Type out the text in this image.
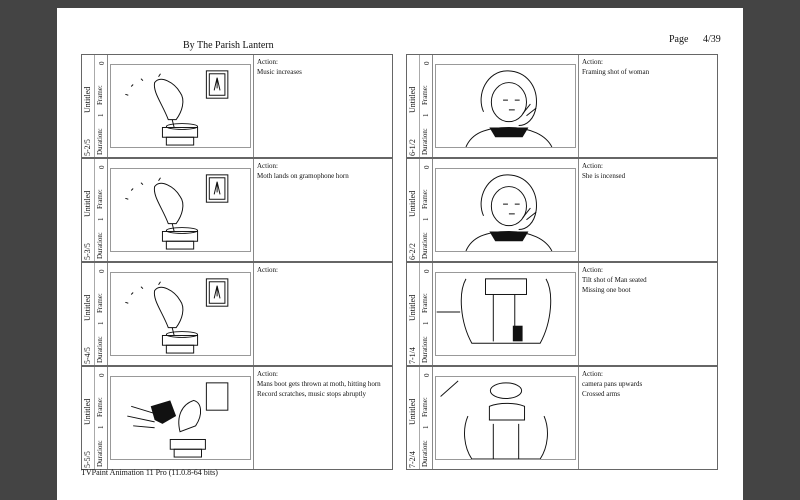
By The Parish Lantern
Page 4/39
Untitled
5-2/5
0
Frame:
1
Duration:
Action:
Music increases
Untitled
5-3/5
0
Frame:
1
Duration:
Action:
Moth lands on gramophone horn
Untitled
5-4/5
0
Frame:
1
Duration:
Action:
Untitled
5-5/5
0
Frame:
1
Duration:
Action:
Mans boot gets thrown at moth, hitting horn
Record scratches, music stops abruptly
Untitled
6-1/2
0
Frame:
1
Duration:
Action:
Framing shot of woman
Untitled
6-2/2
0
Frame:
1
Duration:
Action:
She is incensed
Untitled
7-1/4
0
Frame:
1
Duration:
Action:
Tilt shot of Man seated
Missing one boot
Untitled
7-2/4
0
Frame:
1
Duration:
Action:
camera pans upwards
Crossed arms
TVPaint Animation 11 Pro (11.0.8-64 bits)
